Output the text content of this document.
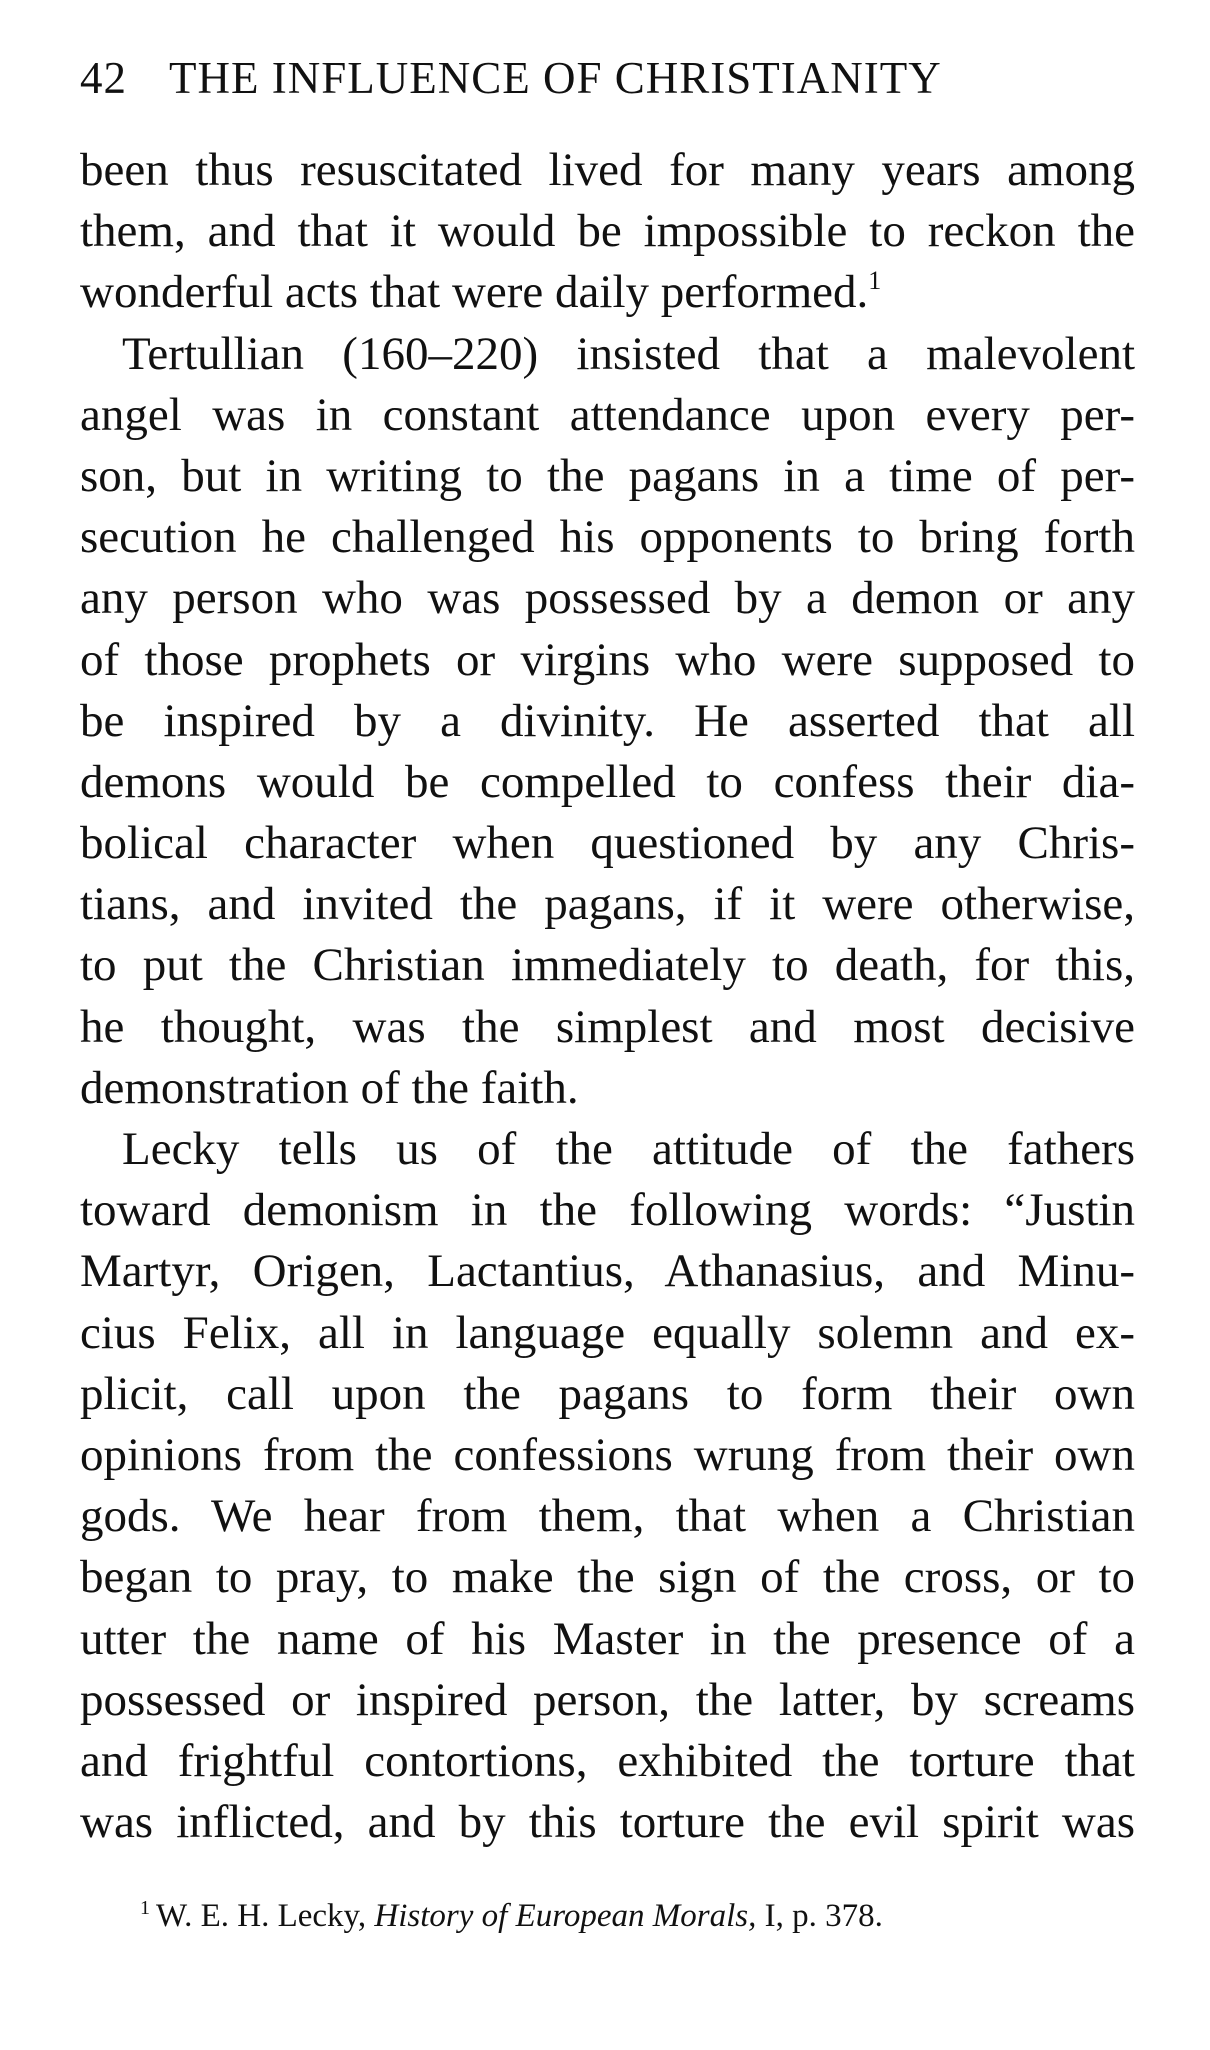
42 THE INFLUENCE OF CHRISTIANITY
been thus resuscitated lived for many years among
them, and that it would be impossible to reckon the
wonderful acts that were daily performed.$^1$
Tertullian (160–220) insisted that a malevolent
angel was in constant attendance upon every per-
son, but in writing to the pagans in a time of per-
secution he challenged his opponents to bring forth
any person who was possessed by a demon or any
of those prophets or virgins who were supposed to
be inspired by a divinity. He asserted that all
demons would be compelled to confess their dia-
bolical character when questioned by any Chris-
tians, and invited the pagans, if it were otherwise,
to put the Christian immediately to death, for this,
he thought, was the simplest and most decisive
demonstration of the faith.
Lecky tells us of the attitude of the fathers
toward demonism in the following words: “Justin
Martyr, Origen, Lactantius, Athanasius, and Minu-
cius Felix, all in language equally solemn and ex-
plicit, call upon the pagans to form their own
opinions from the confessions wrung from their own
gods. We hear from them, that when a Christian
began to pray, to make the sign of the cross, or to
utter the name of his Master in the presence of a
possessed or inspired person, the latter, by screams
and frightful contortions, exhibited the torture that
was inflicted, and by this torture the evil spirit was
$^1$ W. E. H. Lecky, History of European Morals, I, p. 378.
